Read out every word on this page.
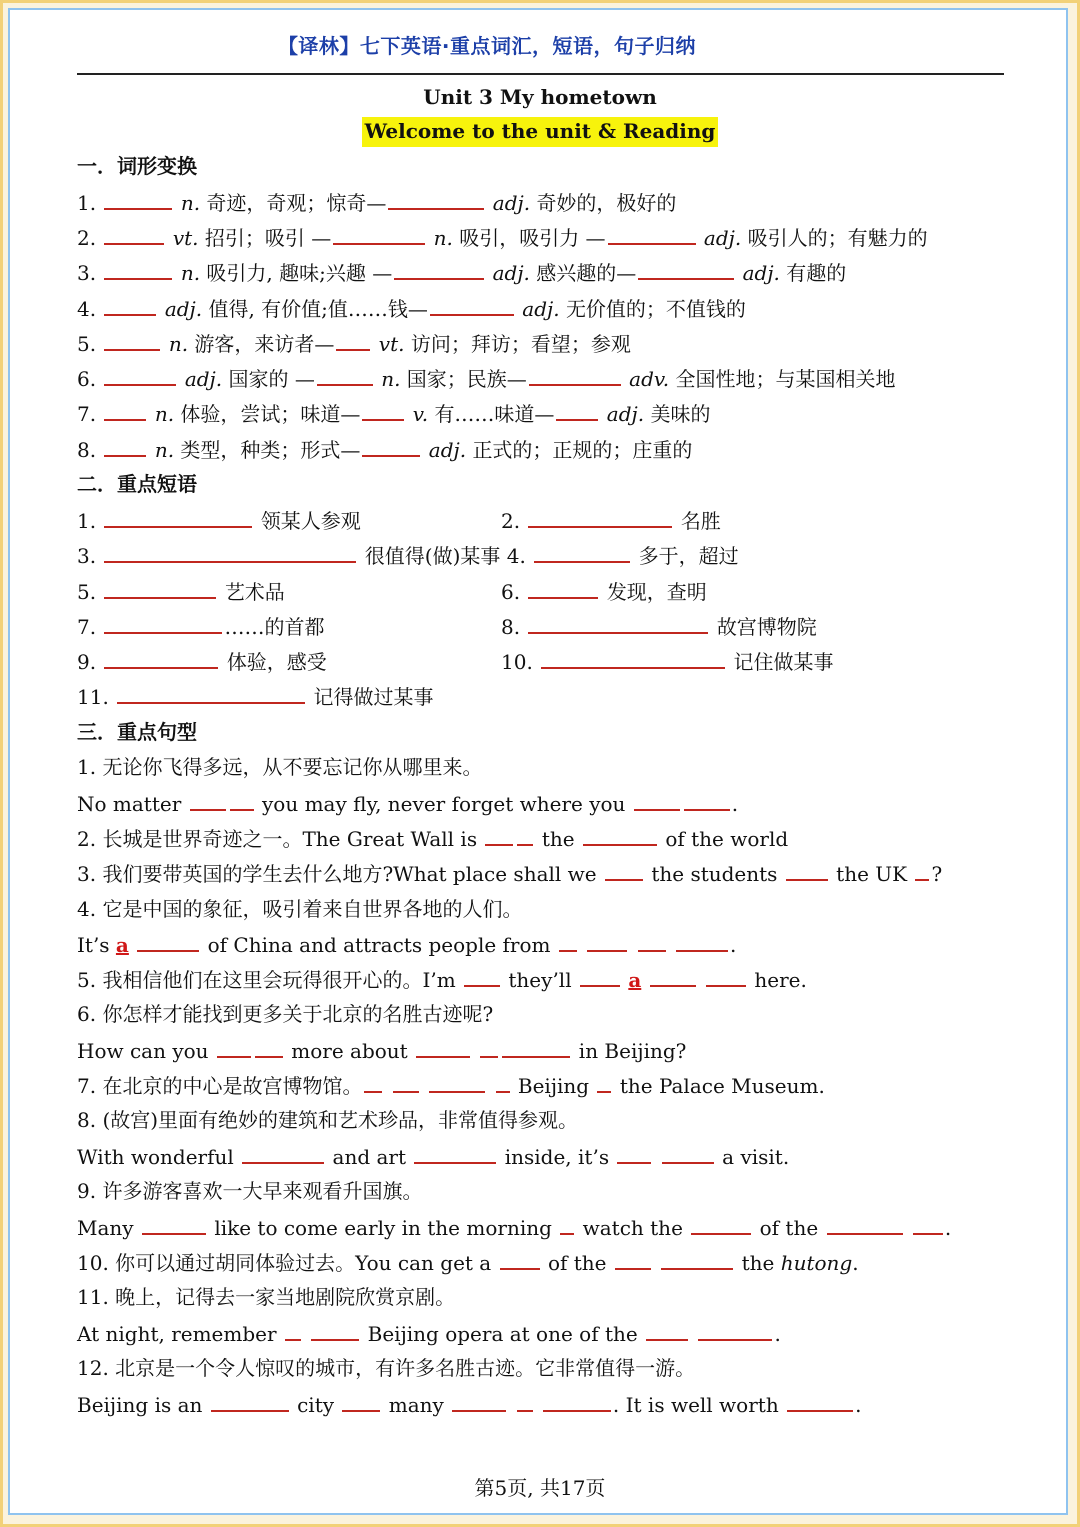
【译林】七下英语·重点词汇，短语，句子归纳
Unit 3 My hometown
Welcome to the unit & Reading
一．词形变换
1.	n. 奇迹，奇观；惊奇—	adj. 奇妙的，极好的
2.	vt. 招引；吸引 —	n. 吸引，吸引力 —	adj. 吸引人的；有魅力的
3.	n. 吸引力, 趣味;兴趣 —	adj. 感兴趣的—	adj. 有趣的
4.	adj. 值得, 有价值;值……钱—	adj. 无价值的；不值钱的
5.	n. 游客，来访者— vt. 访问；拜访；看望；参观
6.	adj. 国家的 —	n. 国家；民族—	adv. 全国性地；与某国相关地
7.	n. 体验，尝试；味道—	v. 有……味道—	adj. 美味的
8.	n. 类型，种类；形式—	adj. 正式的；正规的；庄重的
二．重点短语
1.	领某人参观	2.	名胜
3.	很值得(做)某事 4.	多于，超过
5.	艺术品	6.	发现，查明
7.	……的首都	8.	故宫博物院
9.	体验，感受	10.	记住做某事
11.	记得做过某事
三．重点句型
1. 无论你飞得多远，从不要忘记你从哪里来。
No matter	you may fly, never forget where you	.
2. 长城是世界奇迹之一。The Great Wall is	the	of the world
3. 我们要带英国的学生去什么地方?What place shall we	the students	the UK ?
4. 它是中国的象征，吸引着来自世界各地的人们。
It’s a	of China and attracts people from	.
5. 我相信他们在这里会玩得很开心的。I’m	they’ll	a	here.
6. 你怎样才能找到更多关于北京的名胜古迹呢?
How can you	more about	in Beijing?
7. 在北京的中心是故宫博物馆。	Beijing the Palace Museum.
8. (故宫)里面有绝妙的建筑和艺术珍品，非常值得参观。
With wonderful	and art	inside, it’s	a visit.
9. 许多游客喜欢一大早来观看升国旗。
Many	like to come early in the morning watch the	of the	.
10. 你可以通过胡同体验过去。You can get a	of the	the hutong.
11. 晚上，记得去一家当地剧院欣赏京剧。
At night, remember	Beijing opera at one of the	.
12. 北京是一个令人惊叹的城市，有许多名胜古迹。它非常值得一游。
Beijing is an	city	many	. It is well worth	.
第5页, 共17页
